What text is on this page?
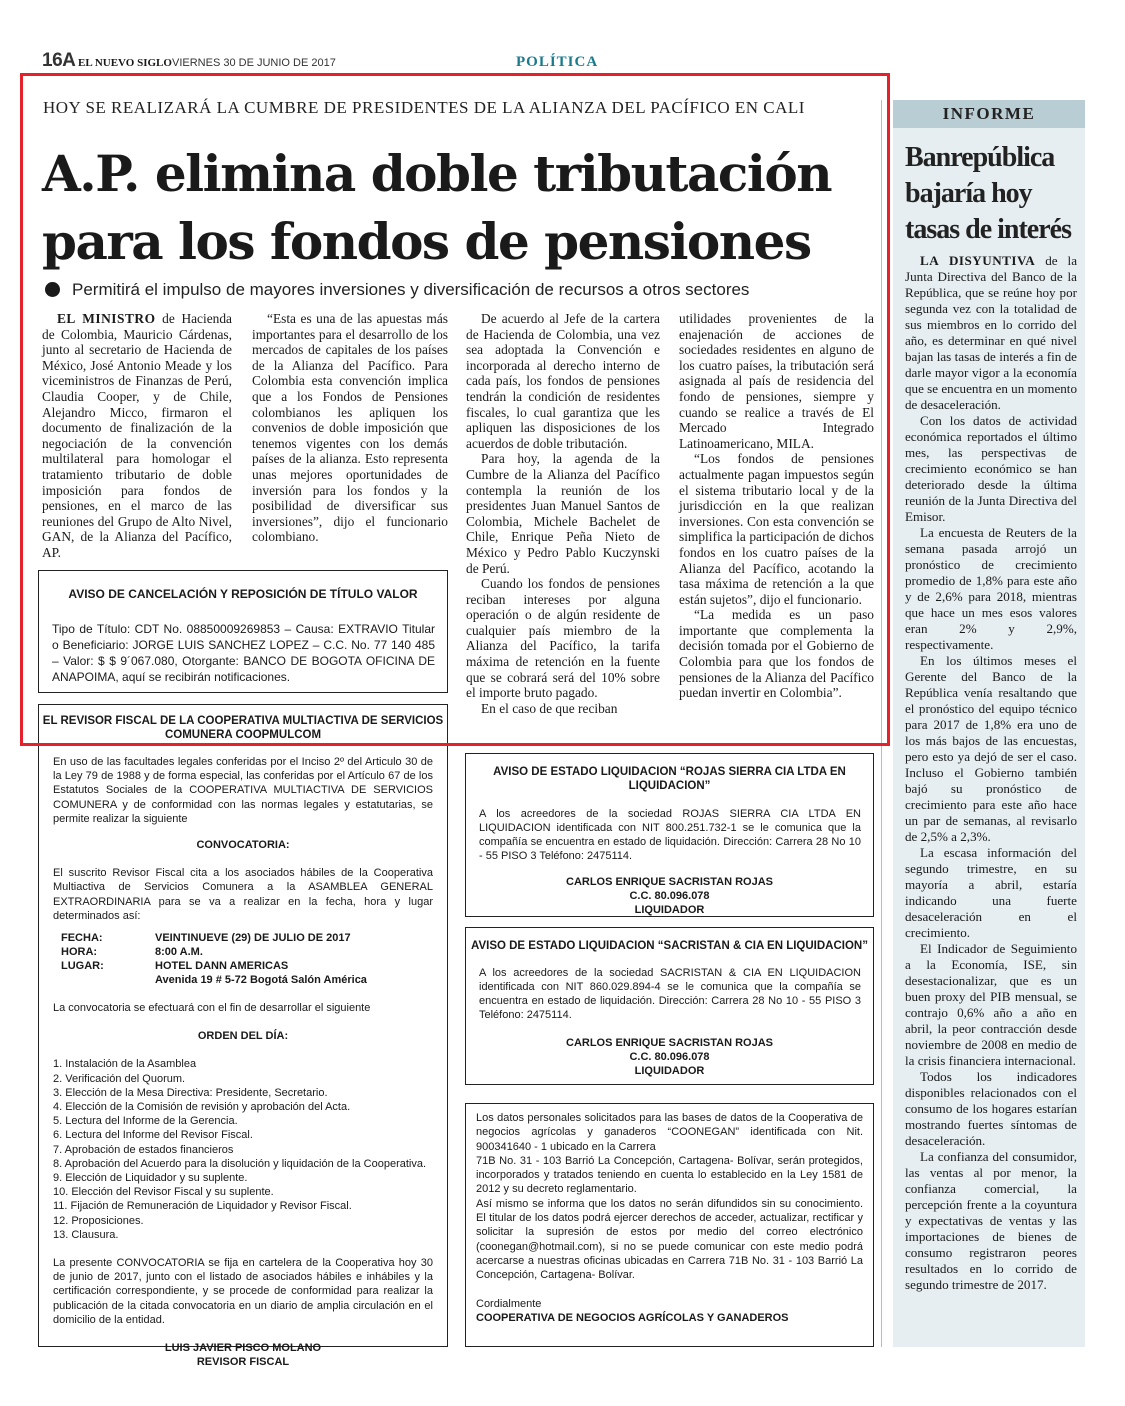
16A EL NUEVO SIGLO VIERNES 30 DE JUNIO DE 2017	POLÍTICA
HOY SE REALIZARÁ LA CUMBRE DE PRESIDENTES DE LA ALIANZA DEL PACÍFICO EN CALI
A.P. elimina doble tributación para los fondos de pensiones
Permitirá el impulso de mayores inversiones y diversificación de recursos a otros sectores

EL MINISTRO de Hacienda de Colombia, Mauricio Cárdenas, junto al secretario de Hacienda de México, José Antonio Meade y los viceministros de Finanzas de Perú, Claudia Cooper, y de Chile, Alejandro Micco, firmaron el documento de finalización de la negociación de la convención multilateral para homologar el tratamiento tributario de doble imposición para fondos de pensiones, en el marco de las reuniones del Grupo de Alto Nivel, GAN, de la Alianza del Pacífico, AP.

“Esta es una de las apuestas más importantes para el desarrollo de los mercados de capitales de los países de la Alianza del Pacífico. Para Colombia esta convención implica que a los Fondos de Pensiones colombianos les apliquen los convenios de doble imposición que tenemos vigentes con los demás países de la alianza. Esto representa unas mejores oportunidades de inversión para los fondos y la posibilidad de diversificar sus inversiones”, dijo el funcionario colombiano.

De acuerdo al Jefe de la cartera de Hacienda de Colombia, una vez sea adoptada la Convención e incorporada al derecho interno de cada país, los fondos de pensiones tendrán la condición de residentes fiscales, lo cual garantiza que les apliquen las disposiciones de los acuerdos de doble tributación.

Para hoy, la agenda de la Cumbre de la Alianza del Pacífico contempla la reunión de los presidentes Juan Manuel Santos de Colombia, Michele Bachelet de Chile, Enrique Peña Nieto de México y Pedro Pablo Kuczynski de Perú.

Cuando los fondos de pensiones reciban intereses por alguna operación o de algún residente de cualquier país miembro de la Alianza del Pacífico, la tarifa máxima de retención en la fuente que se cobrará será del 10% sobre el importe bruto pagado.

En el caso de que reciban

utilidades provenientes de la enajenación de acciones de sociedades residentes en alguno de los cuatro países, la tributación será asignada al país de residencia del fondo de pensiones, siempre y cuando se realice a través de El Mercado Integrado Latinoamericano, MILA.

“Los fondos de pensiones actualmente pagan impuestos según el sistema tributario local y de la jurisdicción en la que realizan inversiones. Con esta convención se simplifica la participación de dichos fondos en los cuatro países de la Alianza del Pacífico, acotando la tasa máxima de retención a la que están sujetos”, dijo el funcionario.

“La medida es un paso importante que complementa la decisión tomada por el Gobierno de Colombia para que los fondos de pensiones de la Alianza del Pacífico puedan invertir en Colombia”.

AVISO DE CANCELACIÓN Y REPOSICIÓN DE TÍTULO VALOR
Tipo de Título: CDT No. 08850009269853 – Causa: EXTRAVIO Titular o Beneficiario: JORGE LUIS SANCHEZ LOPEZ – C.C. No. 77 140 485 – Valor: $ $ 9´067.080, Otorgante: BANCO DE BOGOTA OFICINA DE ANAPOIMA, aquí se recibirán notificaciones.
EL REVISOR FISCAL DE LA COOPERATIVA MULTIACTIVA DE SERVICIOS
COMUNERA COOPMULCOM
En uso de las facultades legales conferidas por el Inciso 2º del Articulo 30 de la Ley 79 de 1988 y de forma especial, las conferidas por el Artículo 67 de los Estatutos Sociales de la COOPERATIVA MULTIACTIVA DE SERVICIOS COMUNERA y de conformidad con las normas legales y estatutarias, se permite realizar la siguiente
CONVOCATORIA:
El suscrito Revisor Fiscal cita a los asociados hábiles de la Cooperativa Multiactiva de Servicios Comunera a la ASAMBLEA GENERAL EXTRAORDINARIA para se va a realizar en la fecha, hora y lugar determinados así:
FECHA:	VEINTINUEVE (29) DE JULIO DE 2017
HORA:	8:00 A.M.
LUGAR:	HOTEL DANN AMERICAS
Avenida 19 # 5-72 Bogotá Salón América
La convocatoria se efectuará con el fin de desarrollar el siguiente
ORDEN DEL DÍA:
1. Instalación de la Asamblea
2. Verificación del Quorum.
3. Elección de la Mesa Directiva: Presidente, Secretario.
4. Elección de la Comisión de revisión y aprobación del Acta.
5. Lectura del Informe de la Gerencia.
6. Lectura del Informe del Revisor Fiscal.
7. Aprobación de estados financieros
8. Aprobación del Acuerdo para la disolución y liquidación de la Cooperativa.
9. Elección de Liquidador y su suplente.
10. Elección del Revisor Fiscal y su suplente.
11. Fijación de Remuneración de Liquidador y Revisor Fiscal.
12. Proposiciones.
13. Clausura.
La presente CONVOCATORIA se fija en cartelera de la Cooperativa hoy 30 de junio de 2017, junto con el listado de asociados hábiles e inhábiles y la certificación correspondiente, y se procede de conformidad para realizar la publicación de la citada convocatoria en un diario de amplia circulación en el domicilio de la entidad.
LUIS JAVIER PISCO MOLANO
REVISOR FISCAL
AVISO DE ESTADO LIQUIDACION “ROJAS SIERRA CIA LTDA EN
LIQUIDACION”
A los acreedores de la sociedad ROJAS SIERRA CIA LTDA EN LIQUIDACION identificada con NIT 800.251.732-1 se le comunica que la compañía se encuentra en estado de liquidación. Dirección: Carrera 28 No 10 - 55 PISO 3 Teléfono: 2475114.
CARLOS ENRIQUE SACRISTAN ROJAS
C.C. 80.096.078
LIQUIDADOR
AVISO DE ESTADO LIQUIDACION “SACRISTAN & CIA EN LIQUIDACION”
A los acreedores de la sociedad SACRISTAN & CIA EN LIQUIDACION identificada con NIT 860.029.894-4 se le comunica que la compañía se encuentra en estado de liquidación. Dirección: Carrera 28 No 10 - 55 PISO 3 Teléfono: 2475114.
CARLOS ENRIQUE SACRISTAN ROJAS
C.C. 80.096.078
LIQUIDADOR
Los datos personales solicitados para las bases de datos de la Cooperativa de negocios agrícolas y ganaderos “COONEGAN” identificada con Nit. 900341640 - 1 ubicado en la Carrera
71B No. 31 - 103 Barrió La Concepción, Cartagena- Bolívar, serán protegidos, incorporados y tratados teniendo en cuenta lo establecido en la Ley 1581 de 2012 y su decreto reglamentario.
Así mismo se informa que los datos no serán difundidos sin su conocimiento. El titular de los datos podrá ejercer derechos de acceder, actualizar, rectificar y solicitar la supresión de estos por medio del correo electrónico (coonegan@hotmail.com), si no se puede comunicar con este medio podrá acercarse a nuestras oficinas ubicadas en Carrera 71B No. 31 - 103 Barrió La Concepción, Cartagena- Bolívar.
Cordialmente
COOPERATIVA DE NEGOCIOS AGRÍCOLAS Y GANADEROS
INFORME
Banrepública bajaría hoy tasas de interés

LA DISYUNTIVA de la Junta Directiva del Banco de la República, que se reúne hoy por segunda vez con la totalidad de sus miembros en lo corrido del año, es determinar en qué nivel bajan las tasas de interés a fin de darle mayor vigor a la economía que se encuentra en un momento de desaceleración.

Con los datos de actividad económica reportados el último mes, las perspectivas de crecimiento económico se han deteriorado desde la última reunión de la Junta Directiva del Emisor.

La encuesta de Reuters de la semana pasada arrojó un pronóstico de crecimiento promedio de 1,8% para este año y de 2,6% para 2018, mientras que hace un mes esos valores eran 2% y 2,9%, respectivamente.

En los últimos meses el Gerente del Banco de la República venía resaltando que el pronóstico del equipo técnico para 2017 de 1,8% era uno de los más bajos de las encuestas, pero esto ya dejó de ser el caso. Incluso el Gobierno también bajó su pronóstico de crecimiento para este año hace un par de semanas, al revisarlo de 2,5% a 2,3%.

La escasa información del segundo trimestre, en su mayoría a abril, estaría indicando una fuerte desaceleración en el crecimiento.

El Indicador de Seguimiento a la Economía, ISE, sin desestacionalizar, que es un buen proxy del PIB mensual, se contrajo 0,6% año a año en abril, la peor contracción desde noviembre de 2008 en medio de la crisis financiera internacional.

Todos los indicadores disponibles relacionados con el consumo de los hogares estarían mostrando fuertes síntomas de desaceleración.

La confianza del consumidor, las ventas al por menor, la confianza comercial, la percepción frente a la coyuntura y expectativas de ventas y las importaciones de bienes de consumo registraron peores resultados en lo corrido de segundo trimestre de 2017.
